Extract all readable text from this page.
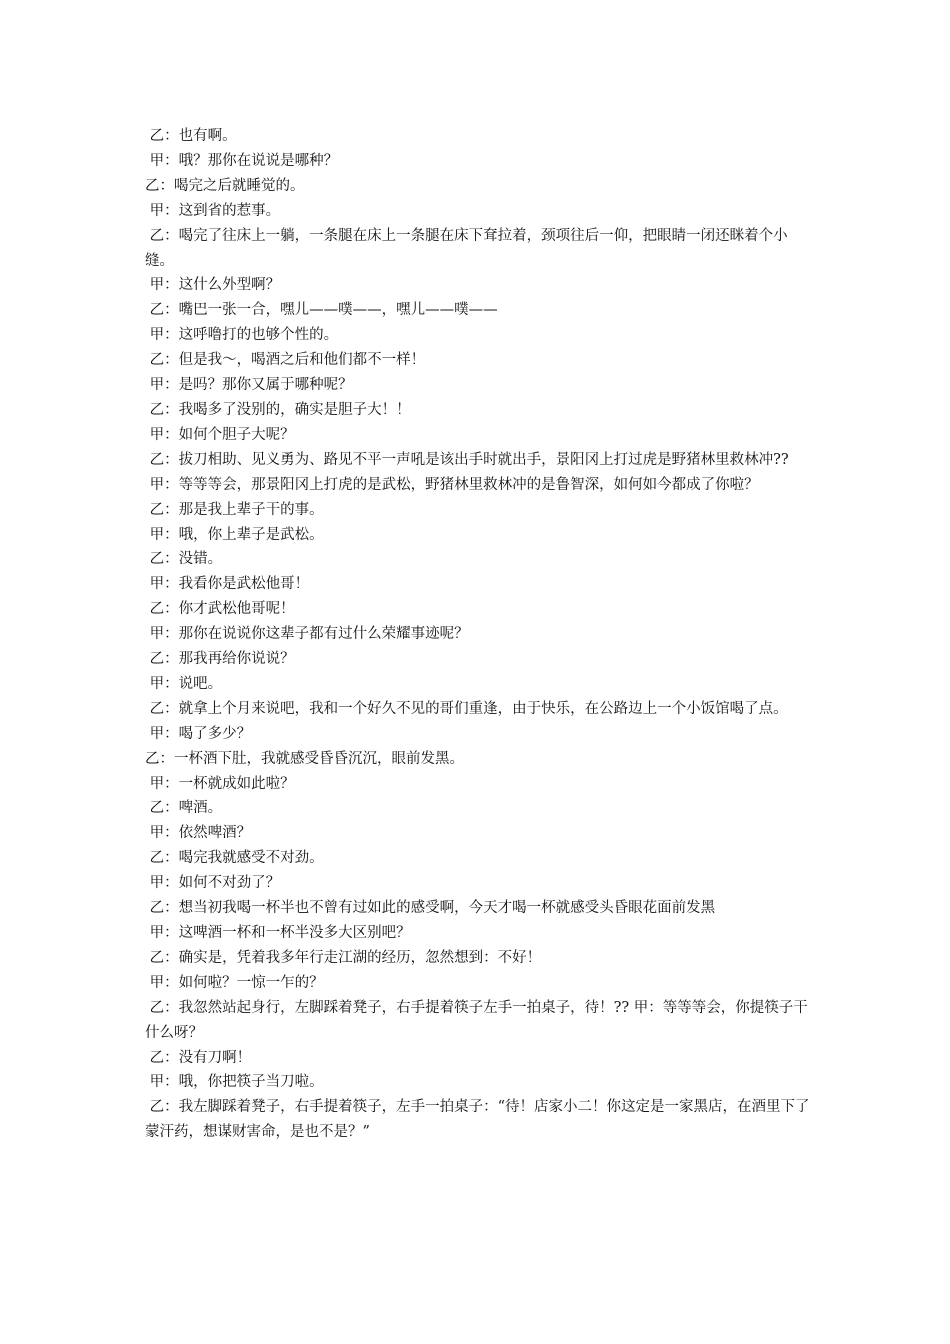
乙：也有啊。

甲：哦？那你在说说是哪种？

乙：喝完之后就睡觉的。

甲：这到省的惹事。

乙：喝完了往床上一躺，一条腿在床上一条腿在床下耷拉着，颈项往后一仰，把眼睛一闭还眯着个小缝。

甲：这什么外型啊？

乙：嘴巴一张一合，嘿儿——噗——，嘿儿——噗——

甲：这呼噜打的也够个性的。

乙：但是我～，喝酒之后和他们都不一样！

甲：是吗？那你又属于哪种呢？

乙：我喝多了没别的，确实是胆子大！！

甲：如何个胆子大呢？

乙：拔刀相助、见义勇为、路见不平一声吼是该出手时就出手，景阳冈上打过虎是野猪林里救林冲??

甲：等等等会，那景阳冈上打虎的是武松，野猪林里救林冲的是鲁智深，如何如今都成了你啦？

乙：那是我上辈子干的事。

甲：哦，你上辈子是武松。

乙：没错。

甲：我看你是武松他哥！

乙：你才武松他哥呢！

甲：那你在说说你这辈子都有过什么荣耀事迹呢？

乙：那我再给你说说？

甲：说吧。

乙：就拿上个月来说吧，我和一个好久不见的哥们重逢，由于快乐，在公路边上一个小饭馆喝了点。

甲：喝了多少？

乙：一杯酒下肚，我就感受昏昏沉沉，眼前发黑。

甲：一杯就成如此啦？

乙：啤酒。

甲：依然啤酒？

乙：喝完我就感受不对劲。

甲：如何不对劲了？

乙：想当初我喝一杯半也不曾有过如此的感受啊，今天才喝一杯就感受头昏眼花面前发黑

甲：这啤酒一杯和一杯半没多大区别吧？

乙：确实是，凭着我多年行走江湖的经历，忽然想到：不好！

甲：如何啦？一惊一乍的？

乙：我忽然站起身行，左脚踩着凳子，右手提着筷子左手一拍桌子，待！?? 甲：等等等会，你提筷子干什么呀？

乙：没有刀啊！

甲：哦，你把筷子当刀啦。

乙：我左脚踩着凳子，右手提着筷子，左手一拍桌子：“待！店家小二！你这定是一家黑店，在酒里下了蒙汗药，想谋财害命，是也不是？”
